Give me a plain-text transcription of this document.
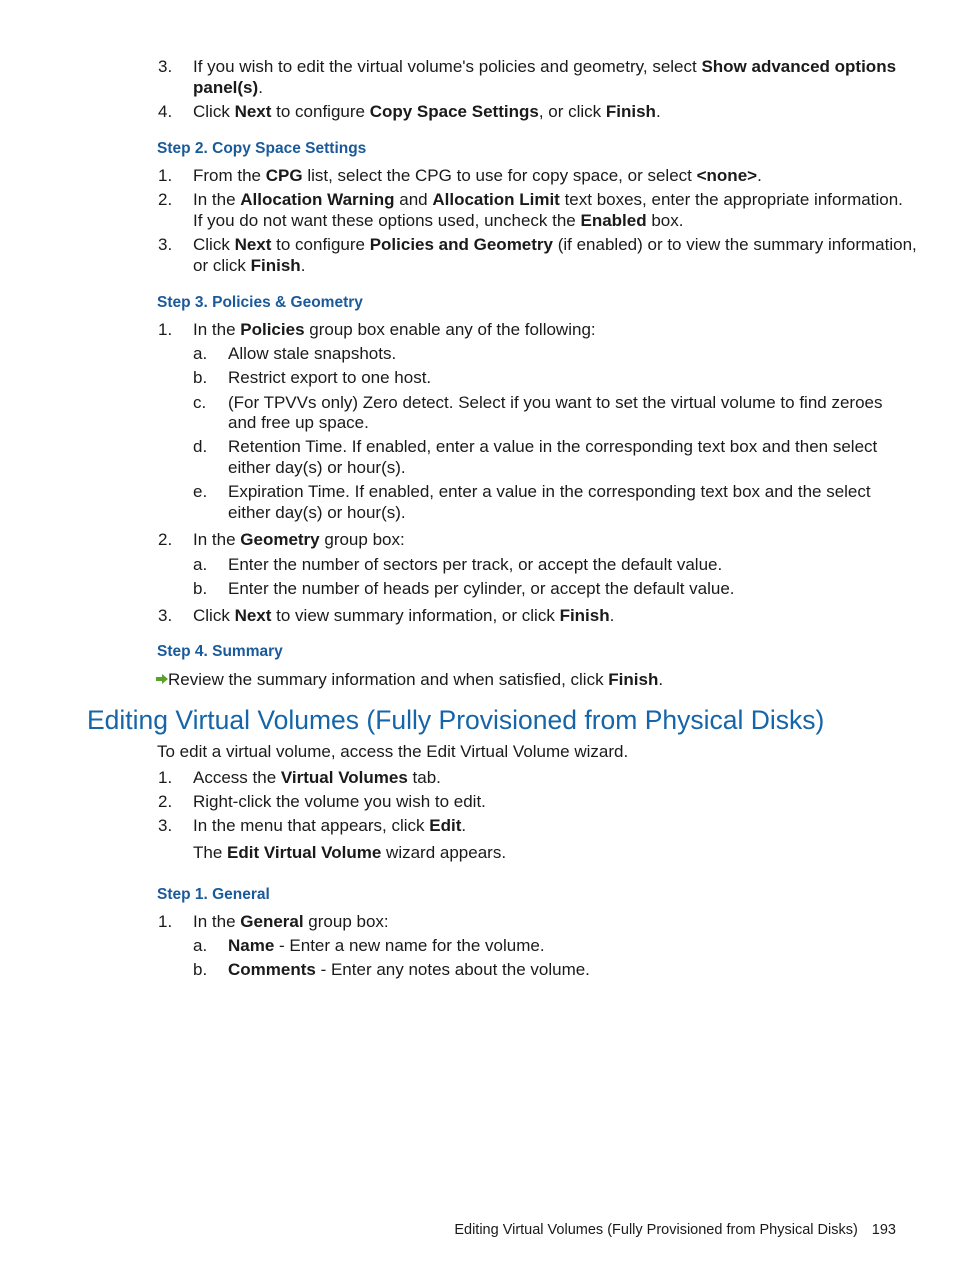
3. If you wish to edit the virtual volume's policies and geometry, select Show advanced options
panel(s).
4. Click Next to configure Copy Space Settings, or click Finish.
Step 2. Copy Space Settings
1. From the CPG list, select the CPG to use for copy space, or select <none>.
2. In the Allocation Warning and Allocation Limit text boxes, enter the appropriate information.
If you do not want these options used, uncheck the Enabled box.
3. Click Next to configure Policies and Geometry (if enabled) or to view the summary information,
or click Finish.
Step 3. Policies & Geometry
1. In the Policies group box enable any of the following:
a. Allow stale snapshots.
b. Restrict export to one host.
c. (For TPVVs only) Zero detect. Select if you want to set the virtual volume to find zeroes
and free up space.
d. Retention Time. If enabled, enter a value in the corresponding text box and then select
either day(s) or hour(s).
e. Expiration Time. If enabled, enter a value in the corresponding text box and the select
either day(s) or hour(s).
2. In the Geometry group box:
a. Enter the number of sectors per track, or accept the default value.
b. Enter the number of heads per cylinder, or accept the default value.
3. Click Next to view summary information, or click Finish.
Step 4. Summary
Review the summary information and when satisfied, click Finish.
Editing Virtual Volumes (Fully Provisioned from Physical Disks)
To edit a virtual volume, access the Edit Virtual Volume wizard.
1. Access the Virtual Volumes tab.
2. Right-click the volume you wish to edit.
3. In the menu that appears, click Edit.
The Edit Virtual Volume wizard appears.
Step 1. General
1. In the General group box:
a. Name - Enter a new name for the volume.
b. Comments - Enter any notes about the volume.
Editing Virtual Volumes (Fully Provisioned from Physical Disks) 193
